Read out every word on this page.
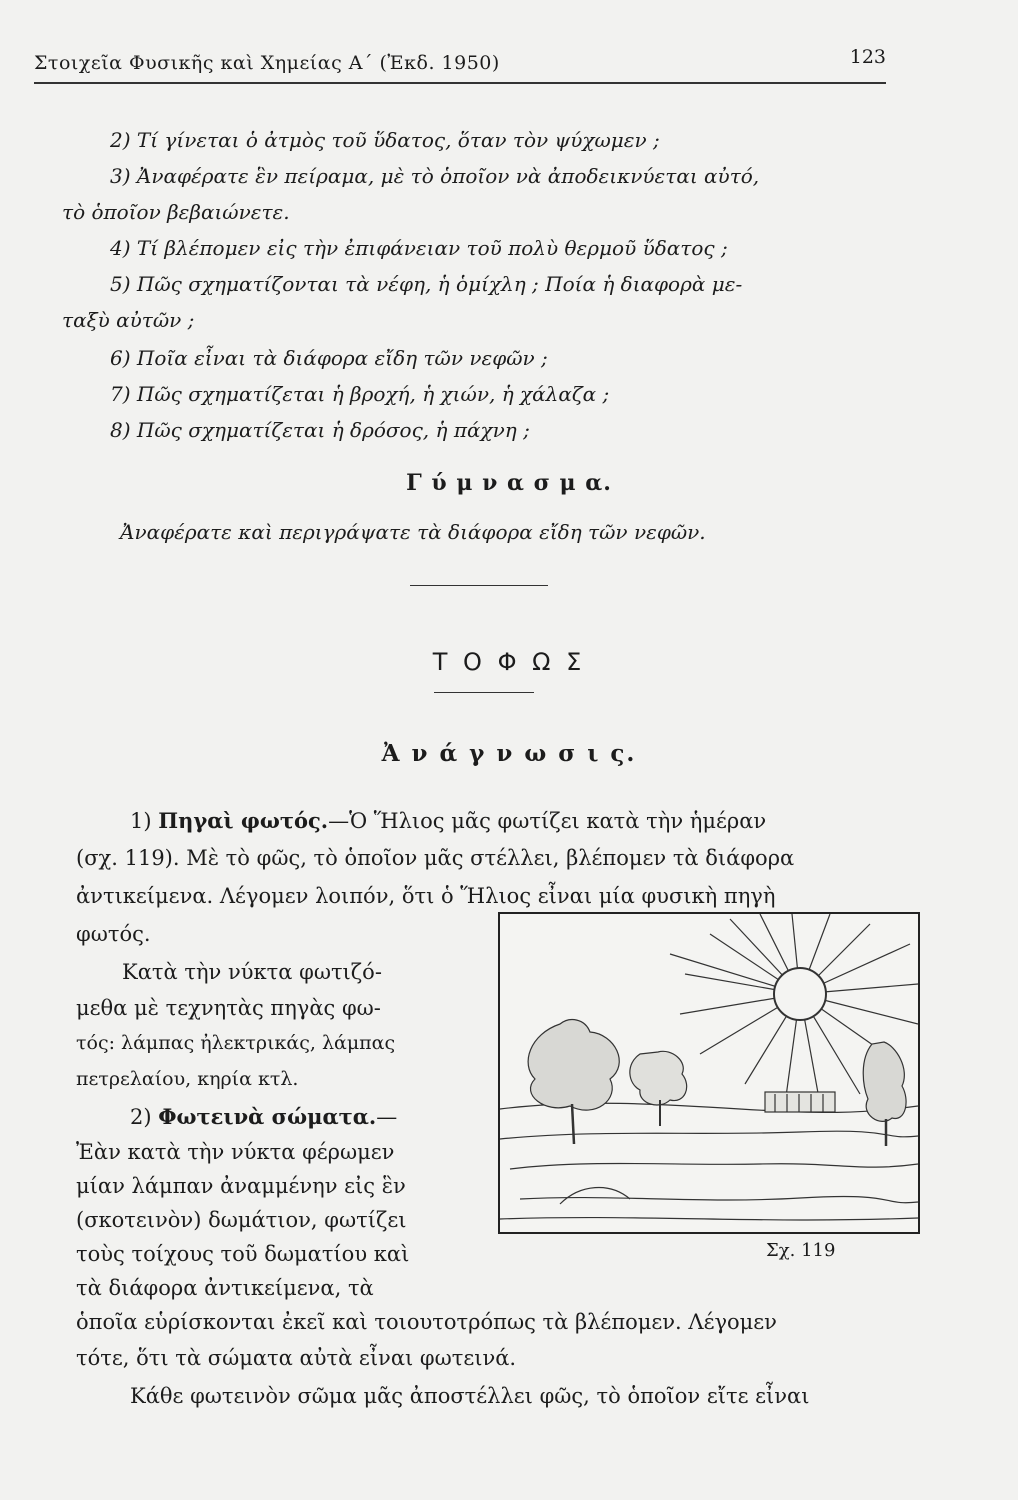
Στοιχεῖα Φυσικῆς καὶ Χημείας Α΄ (Ἐκδ. 1950)	123
2) Τί γίνεται ὁ ἀτμὸς τοῦ ὕδατος, ὅταν τὸν ψύχωμεν ;
3) Ἀναφέρατε ἓν πείραμα, μὲ τὸ ὁποῖον νὰ ἀποδεικνύεται αὐτό,
τὸ ὁποῖον βεβαιώνετε.
4) Τί βλέπομεν εἰς τὴν ἐπιφάνειαν τοῦ πολὺ θερμοῦ ὕδατος ;
5) Πῶς σχηματίζονται τὰ νέφη, ἡ ὁμίχλη ; Ποία ἡ διαφορὰ με-
ταξὺ αὐτῶν ;
6) Ποῖα εἶναι τὰ διάφορα εἴδη τῶν νεφῶν ;
7) Πῶς σχηματίζεται ἡ βροχή, ἡ χιών, ἡ χάλαζα ;
8) Πῶς σχηματίζεται ἡ δρόσος, ἡ πάχνη ;
Γ ύ μ ν α σ μ α.
Ἀναφέρατε καὶ περιγράψατε τὰ διάφορα εἴδη τῶν νεφῶν.
Τ Ο Φ Ω Σ
Ἀ ν ά γ ν ω σ ι ς.
1) Πηγαὶ φωτός.—Ὁ Ἥλιος μᾶς φωτίζει κατὰ τὴν ἡμέραν
(σχ. 119). Μὲ τὸ φῶς, τὸ ὁποῖον μᾶς στέλλει, βλέπομεν τὰ διάφορα
ἀντικείμενα. Λέγομεν λοιπόν, ὅτι ὁ Ἥλιος εἶναι μία φυσικὴ πηγὴ
φωτός.
Κατὰ τὴν νύκτα φωτιζό-
μεθα μὲ τεχνητὰς πηγὰς φω-
τός: λάμπας ἠλεκτρικάς, λάμπας
πετρελαίου, κηρία κτλ.
2) Φωτεινὰ σώματα.—
Ἐὰν κατὰ τὴν νύκτα φέρωμεν
μίαν λάμπαν ἀναμμένην εἰς ἓν
(σκοτεινὸν) δωμάτιον, φωτίζει
τοὺς τοίχους τοῦ δωματίου καὶ
τὰ διάφορα ἀντικείμενα, τὰ
ὁποῖα εὑρίσκονται ἐκεῖ καὶ τοιουτοτρόπως τὰ βλέπομεν. Λέγομεν
τότε, ὅτι τὰ σώματα αὐτὰ εἶναι φωτεινά.
Κάθε φωτεινὸν σῶμα μᾶς ἀποστέλλει φῶς, τὸ ὁποῖον εἴτε εἶναι
Σχ. 119
